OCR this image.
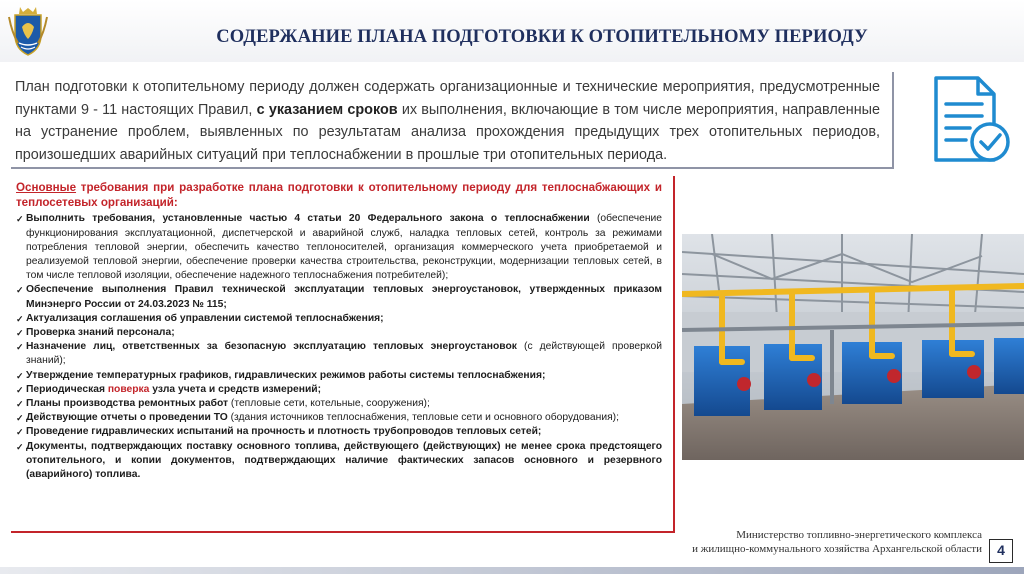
СОДЕРЖАНИЕ ПЛАНА ПОДГОТОВКИ К ОТОПИТЕЛЬНОМУ ПЕРИОДУ
План подготовки к отопительному периоду должен содержать организационные и технические мероприятия, предусмотренные пунктами 9 - 11 настоящих Правил, с указанием сроков их выполнения, включающие в том числе мероприятия, направленные на устранение проблем, выявленных по результатам анализа прохождения предыдущих трех отопительных периодов, произошедших аварийных ситуаций при теплоснабжении в прошлые три отопительных периода.
Основные требования при разработке плана подготовки к отопительному периоду для теплоснабжающих и теплосетевых организаций:
✓ Выполнить требования, установленные частью 4 статьи 20 Федерального закона о теплоснабжении (обеспечение функционирования эксплуатационной, диспетчерской и аварийной служб, наладка тепловых сетей, контроль за режимами потребления тепловой энергии, обеспечить качество теплоносителей, организация коммерческого учета приобретаемой и реализуемой тепловой энергии, обеспечение проверки качества строительства, реконструкции, модернизации тепловых сетей, в том числе тепловой изоляции, обеспечение надежного теплоснабжения потребителей);
✓ Обеспечение выполнения Правил технической эксплуатации тепловых энергоустановок, утвержденных приказом Минэнерго России от 24.03.2023 № 115;
✓ Актуализация соглашения об управлении системой теплоснабжения;
✓ Проверка знаний персонала;
✓ Назначение лиц, ответственных за безопасную эксплуатацию тепловых энергоустановок (с действующей проверкой знаний);
✓ Утверждение температурных графиков, гидравлических режимов работы системы теплоснабжения;
✓ Периодическая поверка узла учета и средств измерений;
✓ Планы производства ремонтных работ (тепловые сети, котельные, сооружения);
✓ Действующие отчеты о проведении ТО (здания источников теплоснабжения, тепловые сети и основного оборудования);
✓ Проведение гидравлических испытаний на прочность и плотность трубопроводов тепловых сетей;
✓ Документы, подтверждающих поставку основного топлива, действующего (действующих) не менее срока предстоящего отопительного, и копии документов, подтверждающих наличие фактических запасов основного и резервного (аварийного) топлива.
Министерство топливно-энергетического комплекса
и жилищно-коммунального хозяйства Архангельской области	4
